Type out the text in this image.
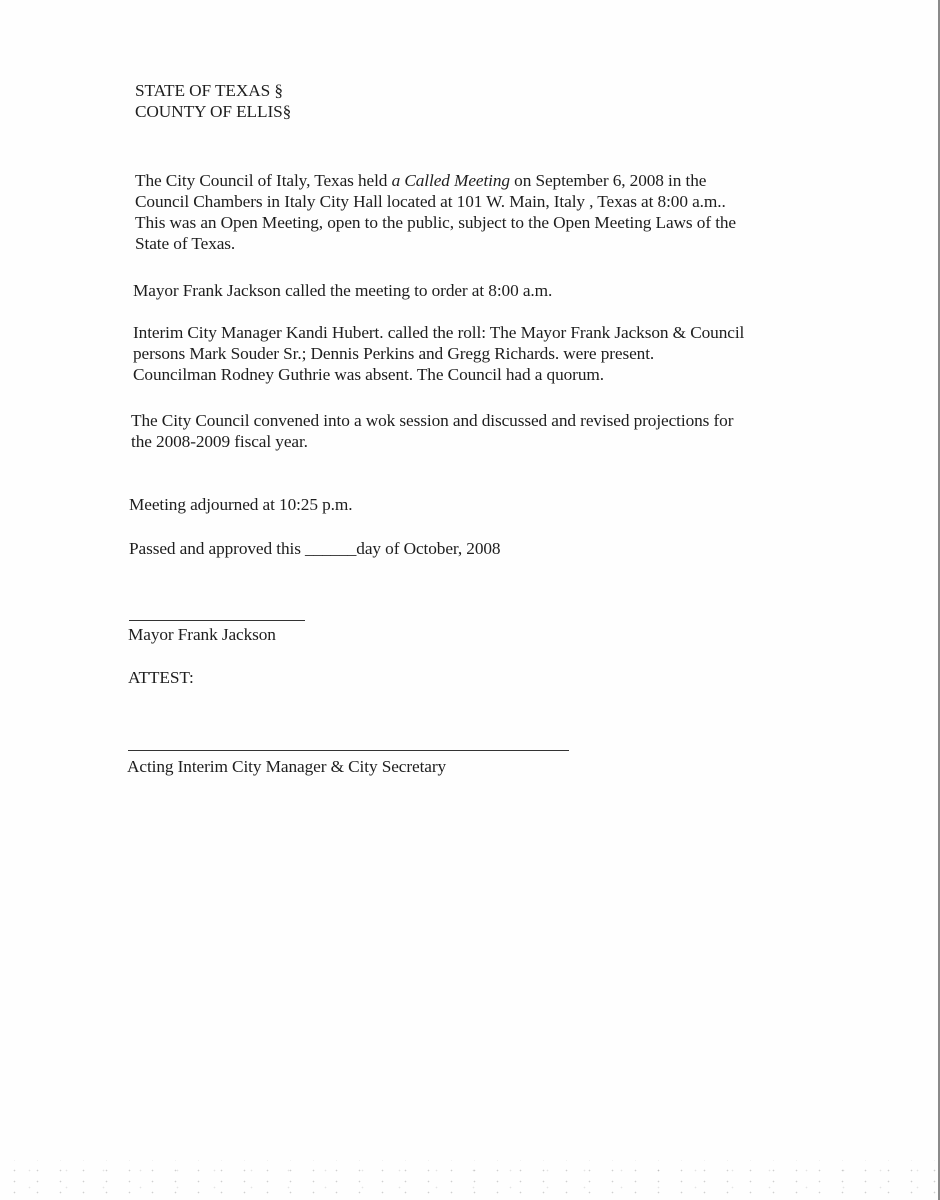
STATE OF TEXAS §
COUNTY OF ELLIS§
The City Council of Italy, Texas held a Called Meeting on September 6, 2008 in the
Council Chambers in Italy City Hall located at 101 W. Main, Italy , Texas at 8:00 a.m..
This was an Open Meeting, open to the public, subject to the Open Meeting Laws of the
State of Texas.
Mayor Frank Jackson called the meeting to order at 8:00 a.m.
Interim City Manager Kandi Hubert. called the roll: The Mayor Frank Jackson & Council
persons Mark Souder Sr.; Dennis Perkins and Gregg Richards. were present.
Councilman Rodney Guthrie was absent. The Council had a quorum.
The City Council convened into a wok session and discussed and revised projections for
the 2008-2009 fiscal year.
Meeting adjourned at 10:25 p.m.
Passed and approved this ______day of October, 2008
Mayor Frank Jackson
ATTEST:
Acting Interim City Manager & City Secretary
